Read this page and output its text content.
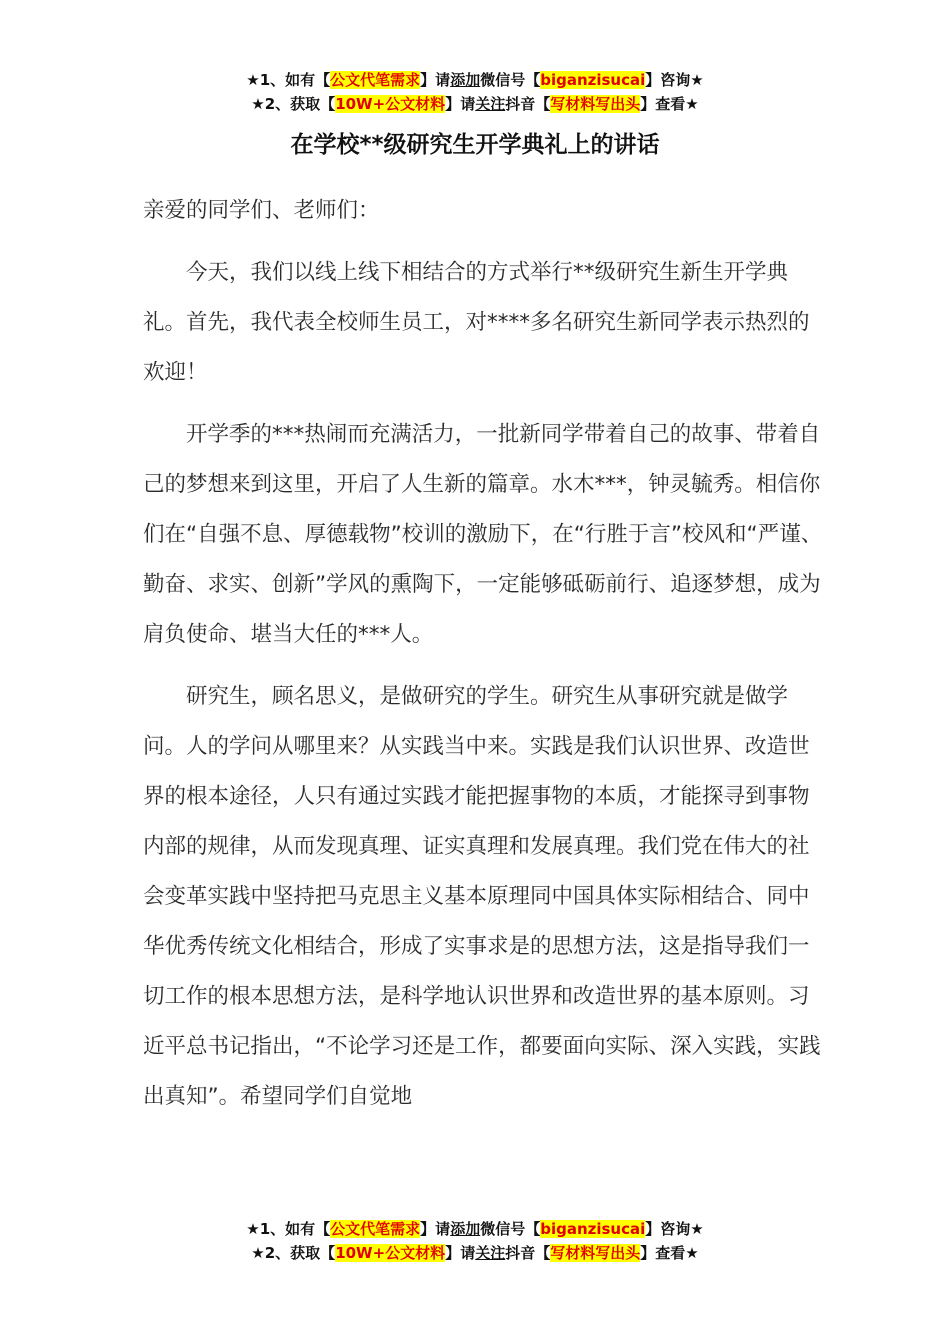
★1、如有【公文代笔需求】请添加微信号【biganzisucai】咨询★
★2、获取【10W+公文材料】请关注抖音【写材料写出头】查看★
在学校**级研究生开学典礼上的讲话

亲爱的同学们、老师们：

今天，我们以线上线下相结合的方式举行**级研究生新生开学典礼。首先，我代表全校师生员工，对****多名研究生新同学表示热烈的欢迎！

开学季的***热闹而充满活力，一批新同学带着自己的故事、带着自己的梦想来到这里，开启了人生新的篇章。水木***，钟灵毓秀。相信你们在“自强不息、厚德载物”校训的激励下，在“行胜于言”校风和“严谨、勤奋、求实、创新”学风的熏陶下，一定能够砥砺前行、追逐梦想，成为肩负使命、堪当大任的***人。

研究生，顾名思义，是做研究的学生。研究生从事研究就是做学问。人的学问从哪里来？从实践当中来。实践是我们认识世界、改造世界的根本途径，人只有通过实践才能把握事物的本质，才能探寻到事物内部的规律，从而发现真理、证实真理和发展真理。我们党在伟大的社会变革实践中坚持把马克思主义基本原理同中国具体实际相结合、同中华优秀传统文化相结合，形成了实事求是的思想方法，这是指导我们一切工作的根本思想方法，是科学地认识世界和改造世界的基本原则。习近平总书记指出，“不论学习还是工作，都要面向实际、深入实践，实践出真知”。希望同学们自觉地

★1、如有【公文代笔需求】请添加微信号【biganzisucai】咨询★
★2、获取【10W+公文材料】请关注抖音【写材料写出头】查看★
